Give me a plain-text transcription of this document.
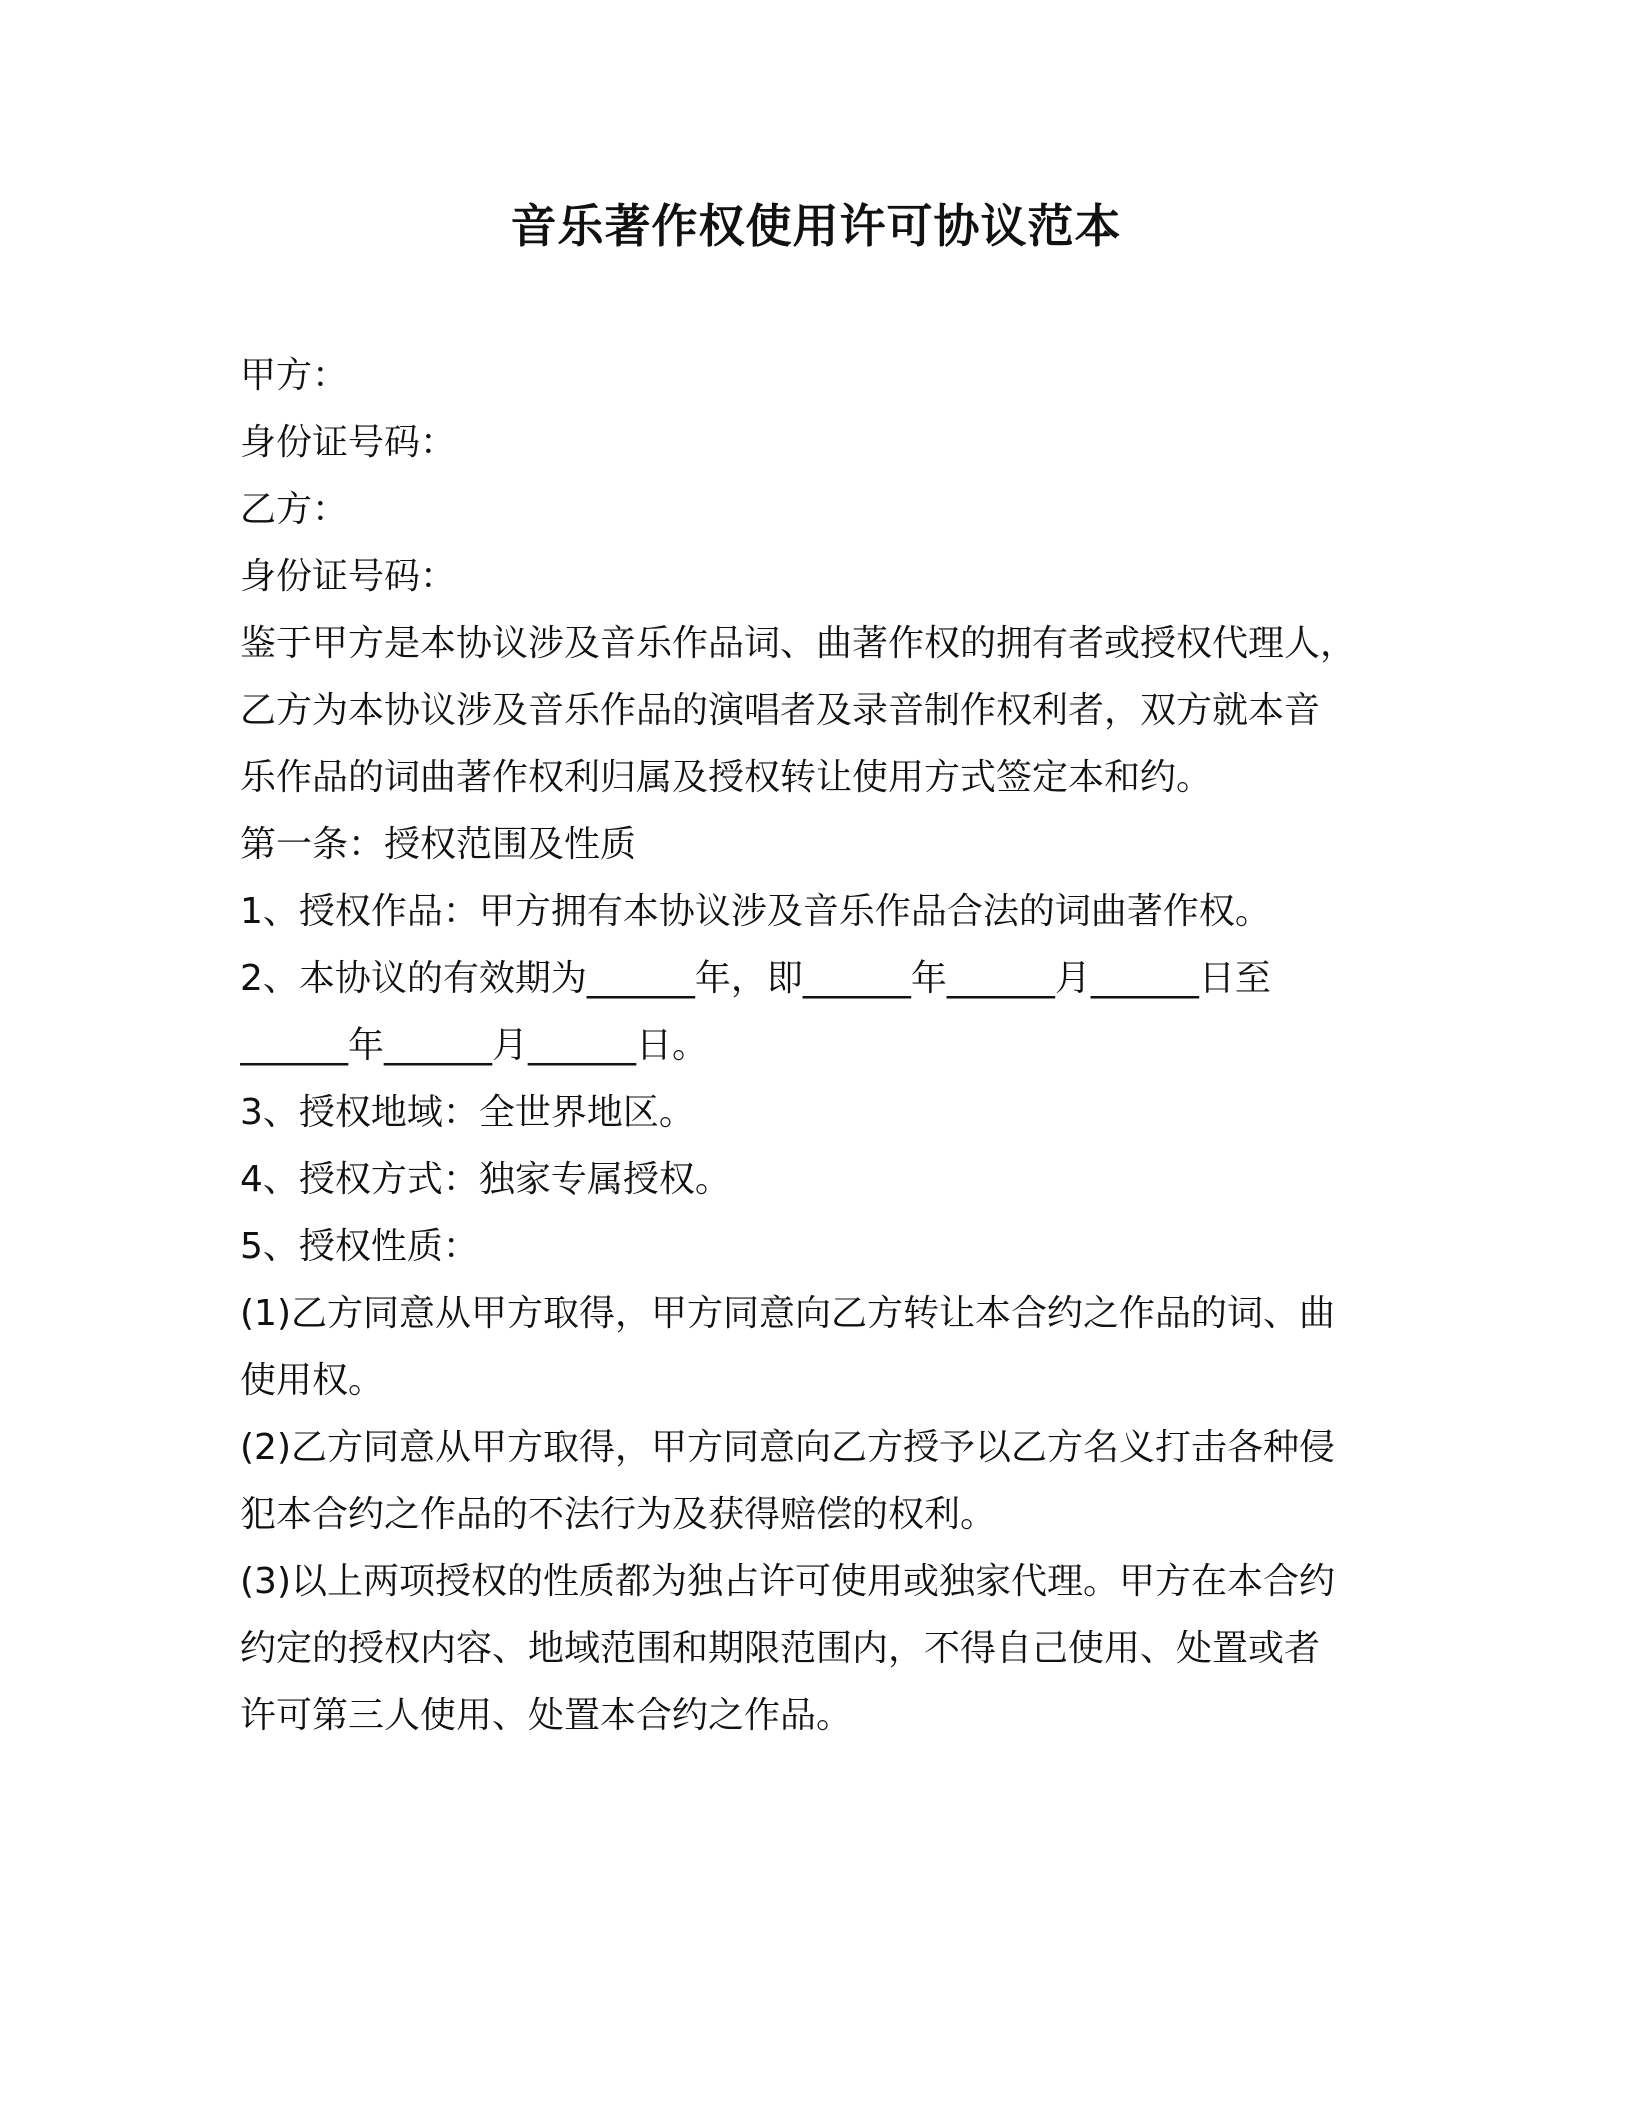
音乐著作权使用许可协议范本
甲方：
身份证号码：
乙方：
身份证号码：
鉴于甲方是本协议涉及音乐作品词、曲著作权的拥有者或授权代理人，
乙方为本协议涉及音乐作品的演唱者及录音制作权利者，双方就本音
乐作品的词曲著作权利归属及授权转让使用方式签定本和约。
第一条：授权范围及性质
1、授权作品：甲方拥有本协议涉及音乐作品合法的词曲著作权。
2、本协议的有效期为______年，即______年______月______日至
______年______月______日。
3、授权地域：全世界地区。
4、授权方式：独家专属授权。
5、授权性质：
(1)乙方同意从甲方取得，甲方同意向乙方转让本合约之作品的词、曲
使用权。
(2)乙方同意从甲方取得，甲方同意向乙方授予以乙方名义打击各种侵
犯本合约之作品的不法行为及获得赔偿的权利。
(3)以上两项授权的性质都为独占许可使用或独家代理。甲方在本合约
约定的授权内容、地域范围和期限范围内，不得自己使用、处置或者
许可第三人使用、处置本合约之作品。
